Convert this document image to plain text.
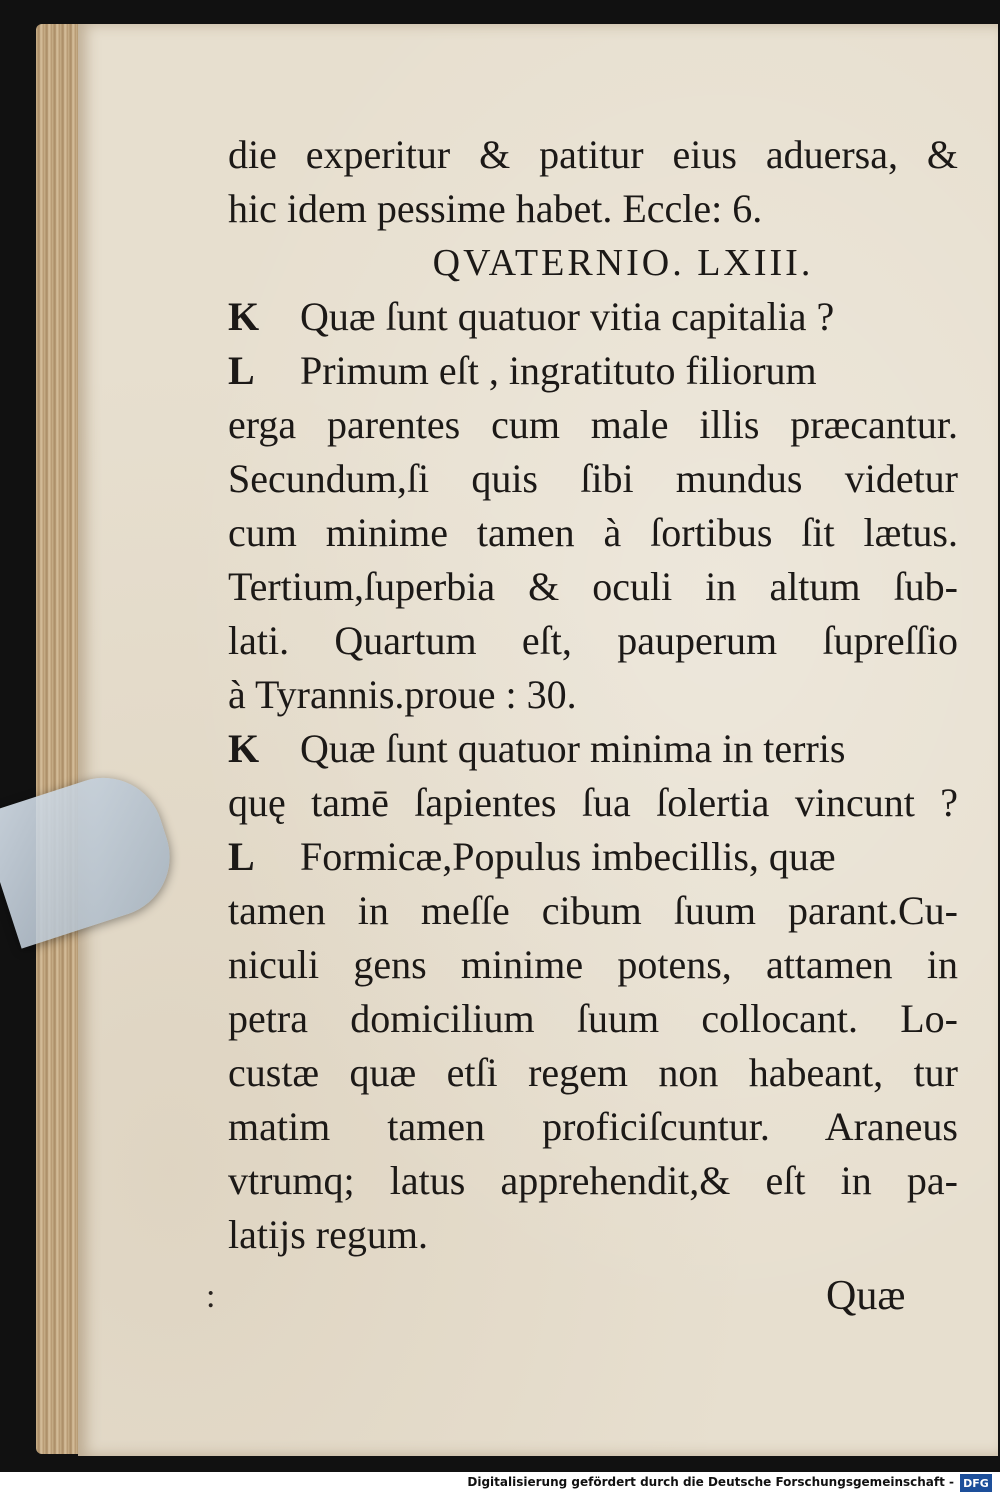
die experitur & patitur eius aduersa, &
hic idem pessime habet. Eccle: 6.
QVATERNIO. LXIII.
K Quæ ſunt quatuor vitia capitalia ?
L Primum eſt , ingratituto filiorum
erga parentes cum male illis præcantur.
Secundum,ſi quis ſibi mundus videtur
cum minime tamen à ſortibus ſit lætus.
Tertium,ſuperbia & oculi in altum ſub-
lati. Quartum eſt, pauperum ſupreſſio
à Tyrannis.proue : 30.
K Quæ ſunt quatuor minima in terris
quę tamē ſapientes ſua ſolertia vincunt ?
L Formicæ,Populus imbecillis, quæ
tamen in meſſe cibum ſuum parant.Cu-
niculi gens minime potens, attamen in
petra domicilium ſuum collocant. Lo-
custæ quæ etſi regem non habeant, tur
matim tamen proficiſcuntur. Araneus
vtrumq; latus apprehendit,& eſt in pa-
latijs regum.
:	Quæ
Digitalisierung gefördert durch die Deutsche Forschungsgemeinschaft - DFG
